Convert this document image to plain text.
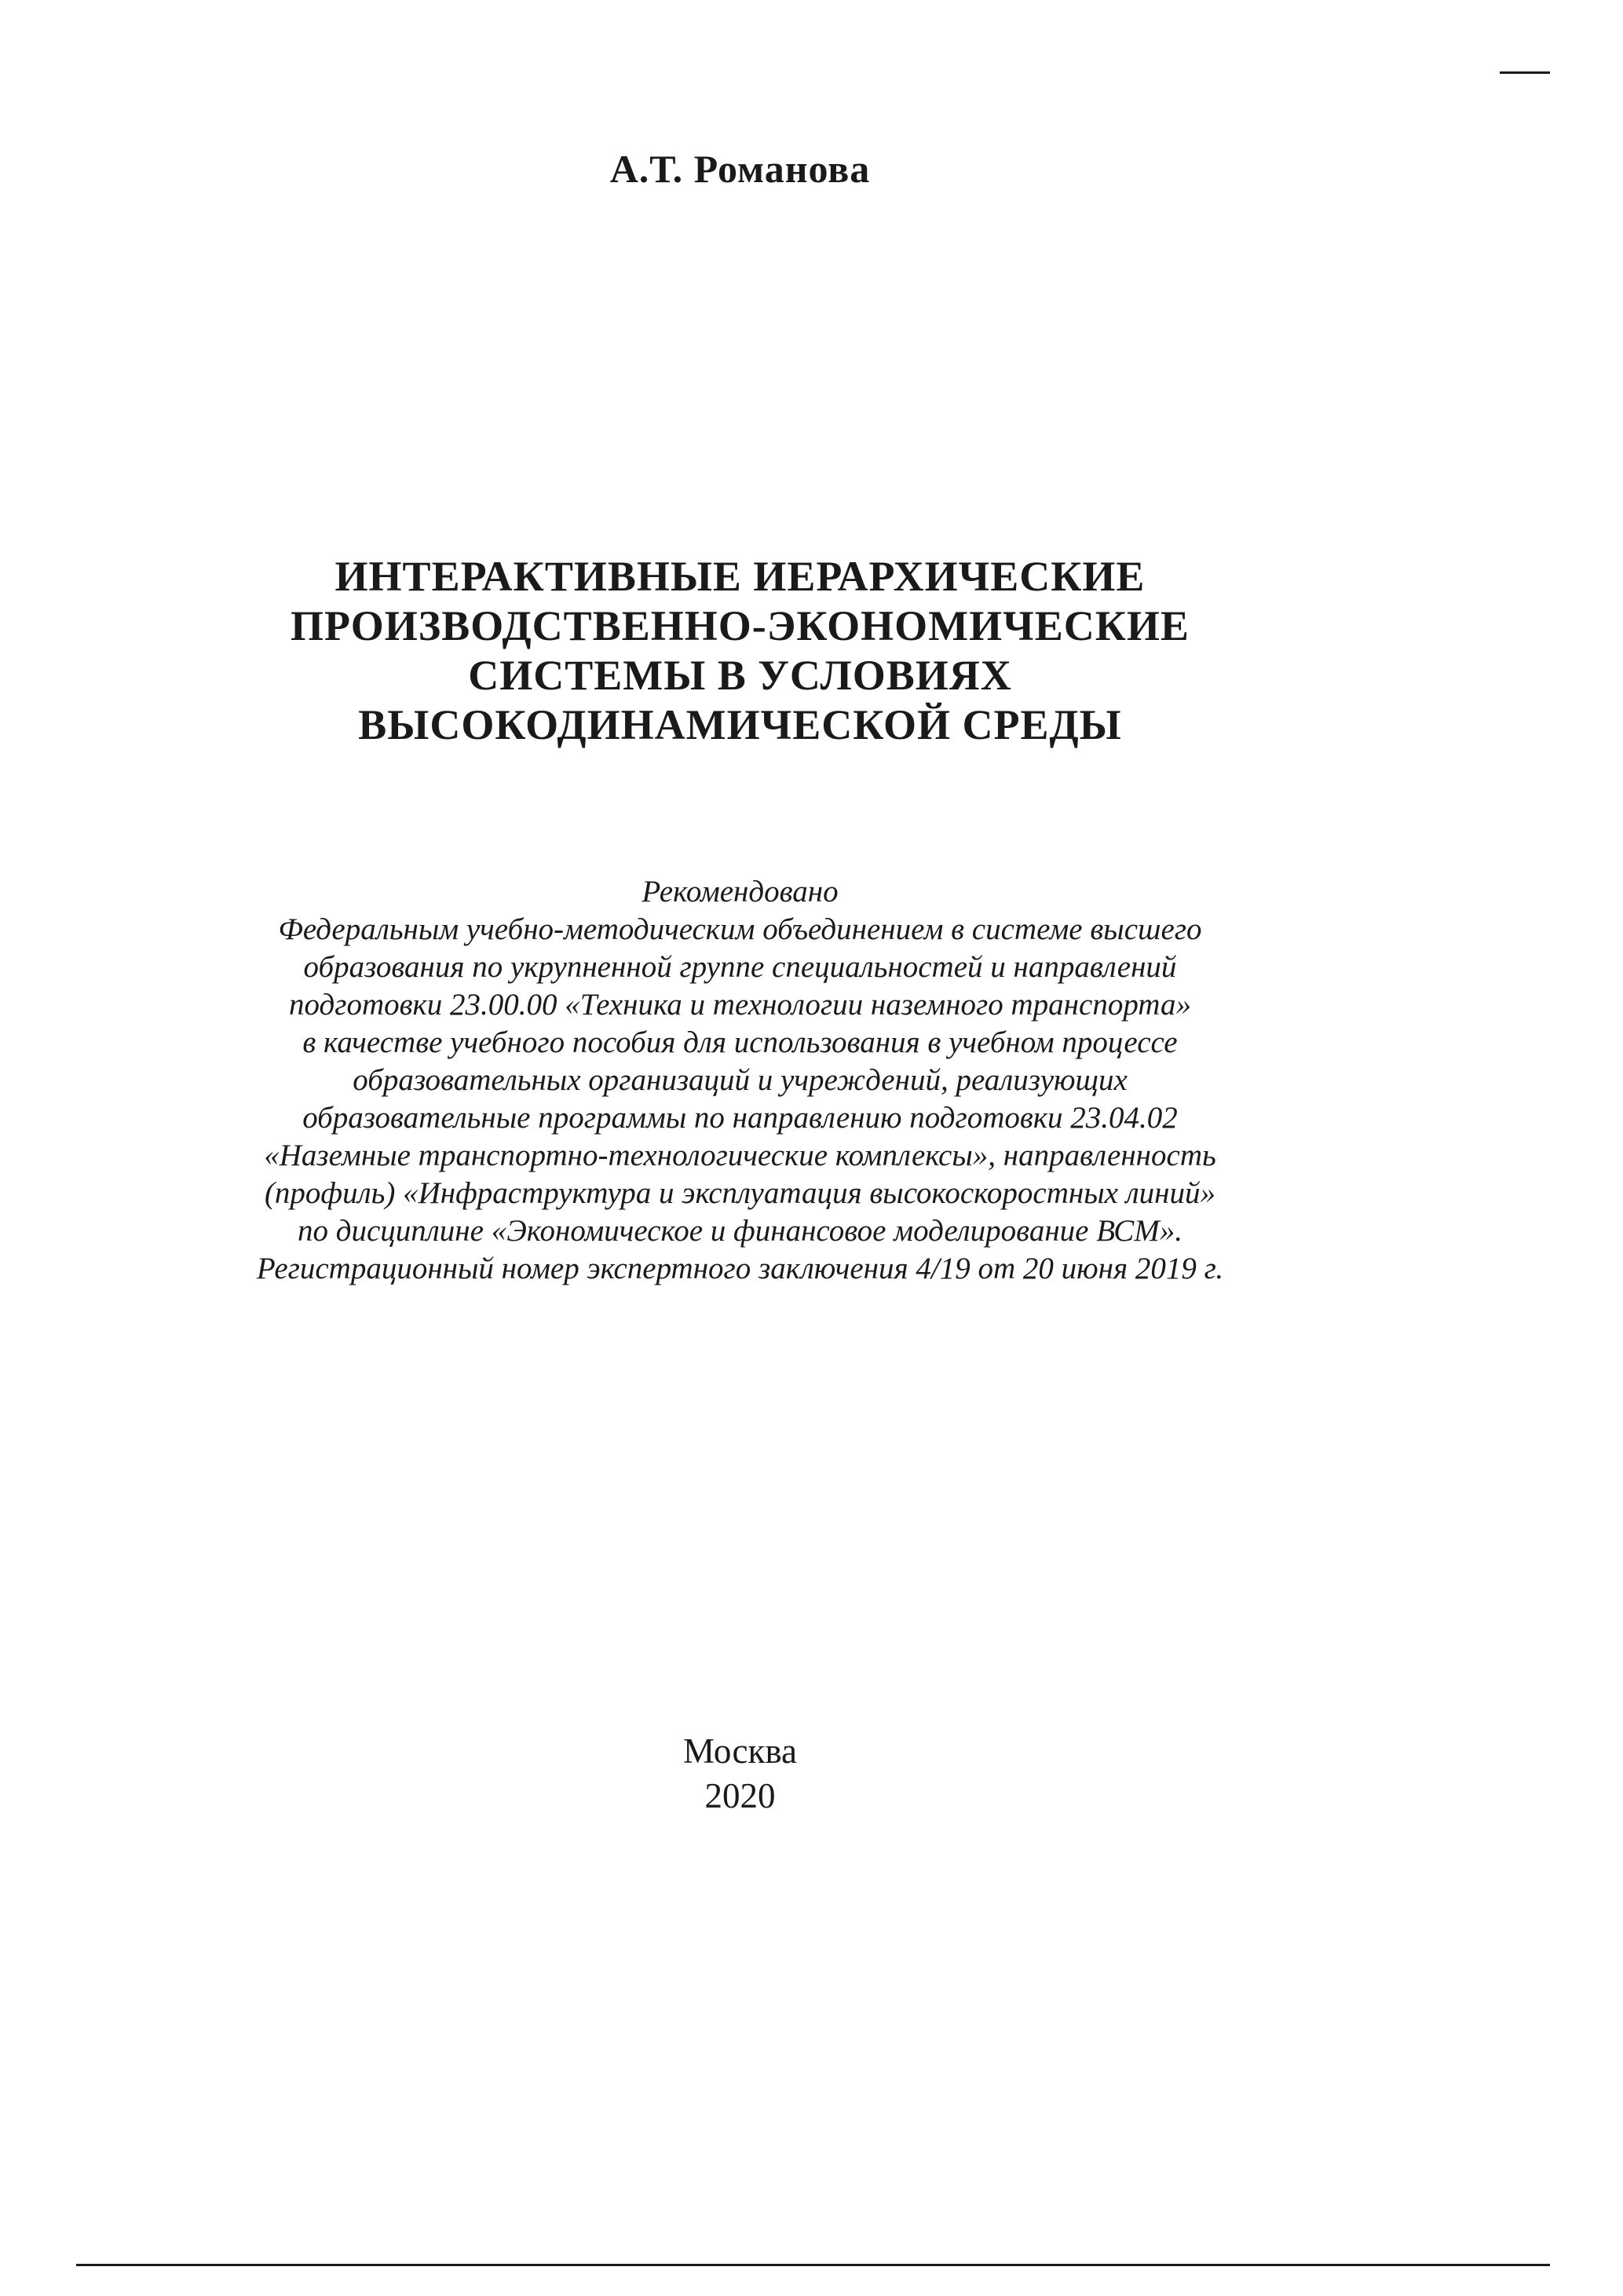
А.Т. Романова
ИНТЕРАКТИВНЫЕ ИЕРАРХИЧЕСКИЕ
ПРОИЗВОДСТВЕННО-ЭКОНОМИЧЕСКИЕ
СИСТЕМЫ В УСЛОВИЯХ
ВЫСОКОДИНАМИЧЕСКОЙ СРЕДЫ
Рекомендовано
Федеральным учебно-методическим объединением в системе высшего
образования по укрупненной группе специальностей и направлений
подготовки 23.00.00 «Техника и технологии наземного транспорта»
в качестве учебного пособия для использования в учебном процессе
образовательных организаций и учреждений, реализующих
образовательные программы по направлению подготовки 23.04.02
«Наземные транспортно-технологические комплексы», направленность
(профиль) «Инфраструктура и эксплуатация высокоскоростных линий»
по дисциплине «Экономическое и финансовое моделирование ВСМ».
Регистрационный номер экспертного заключения 4/19 от 20 июня 2019 г.
Москва
2020
